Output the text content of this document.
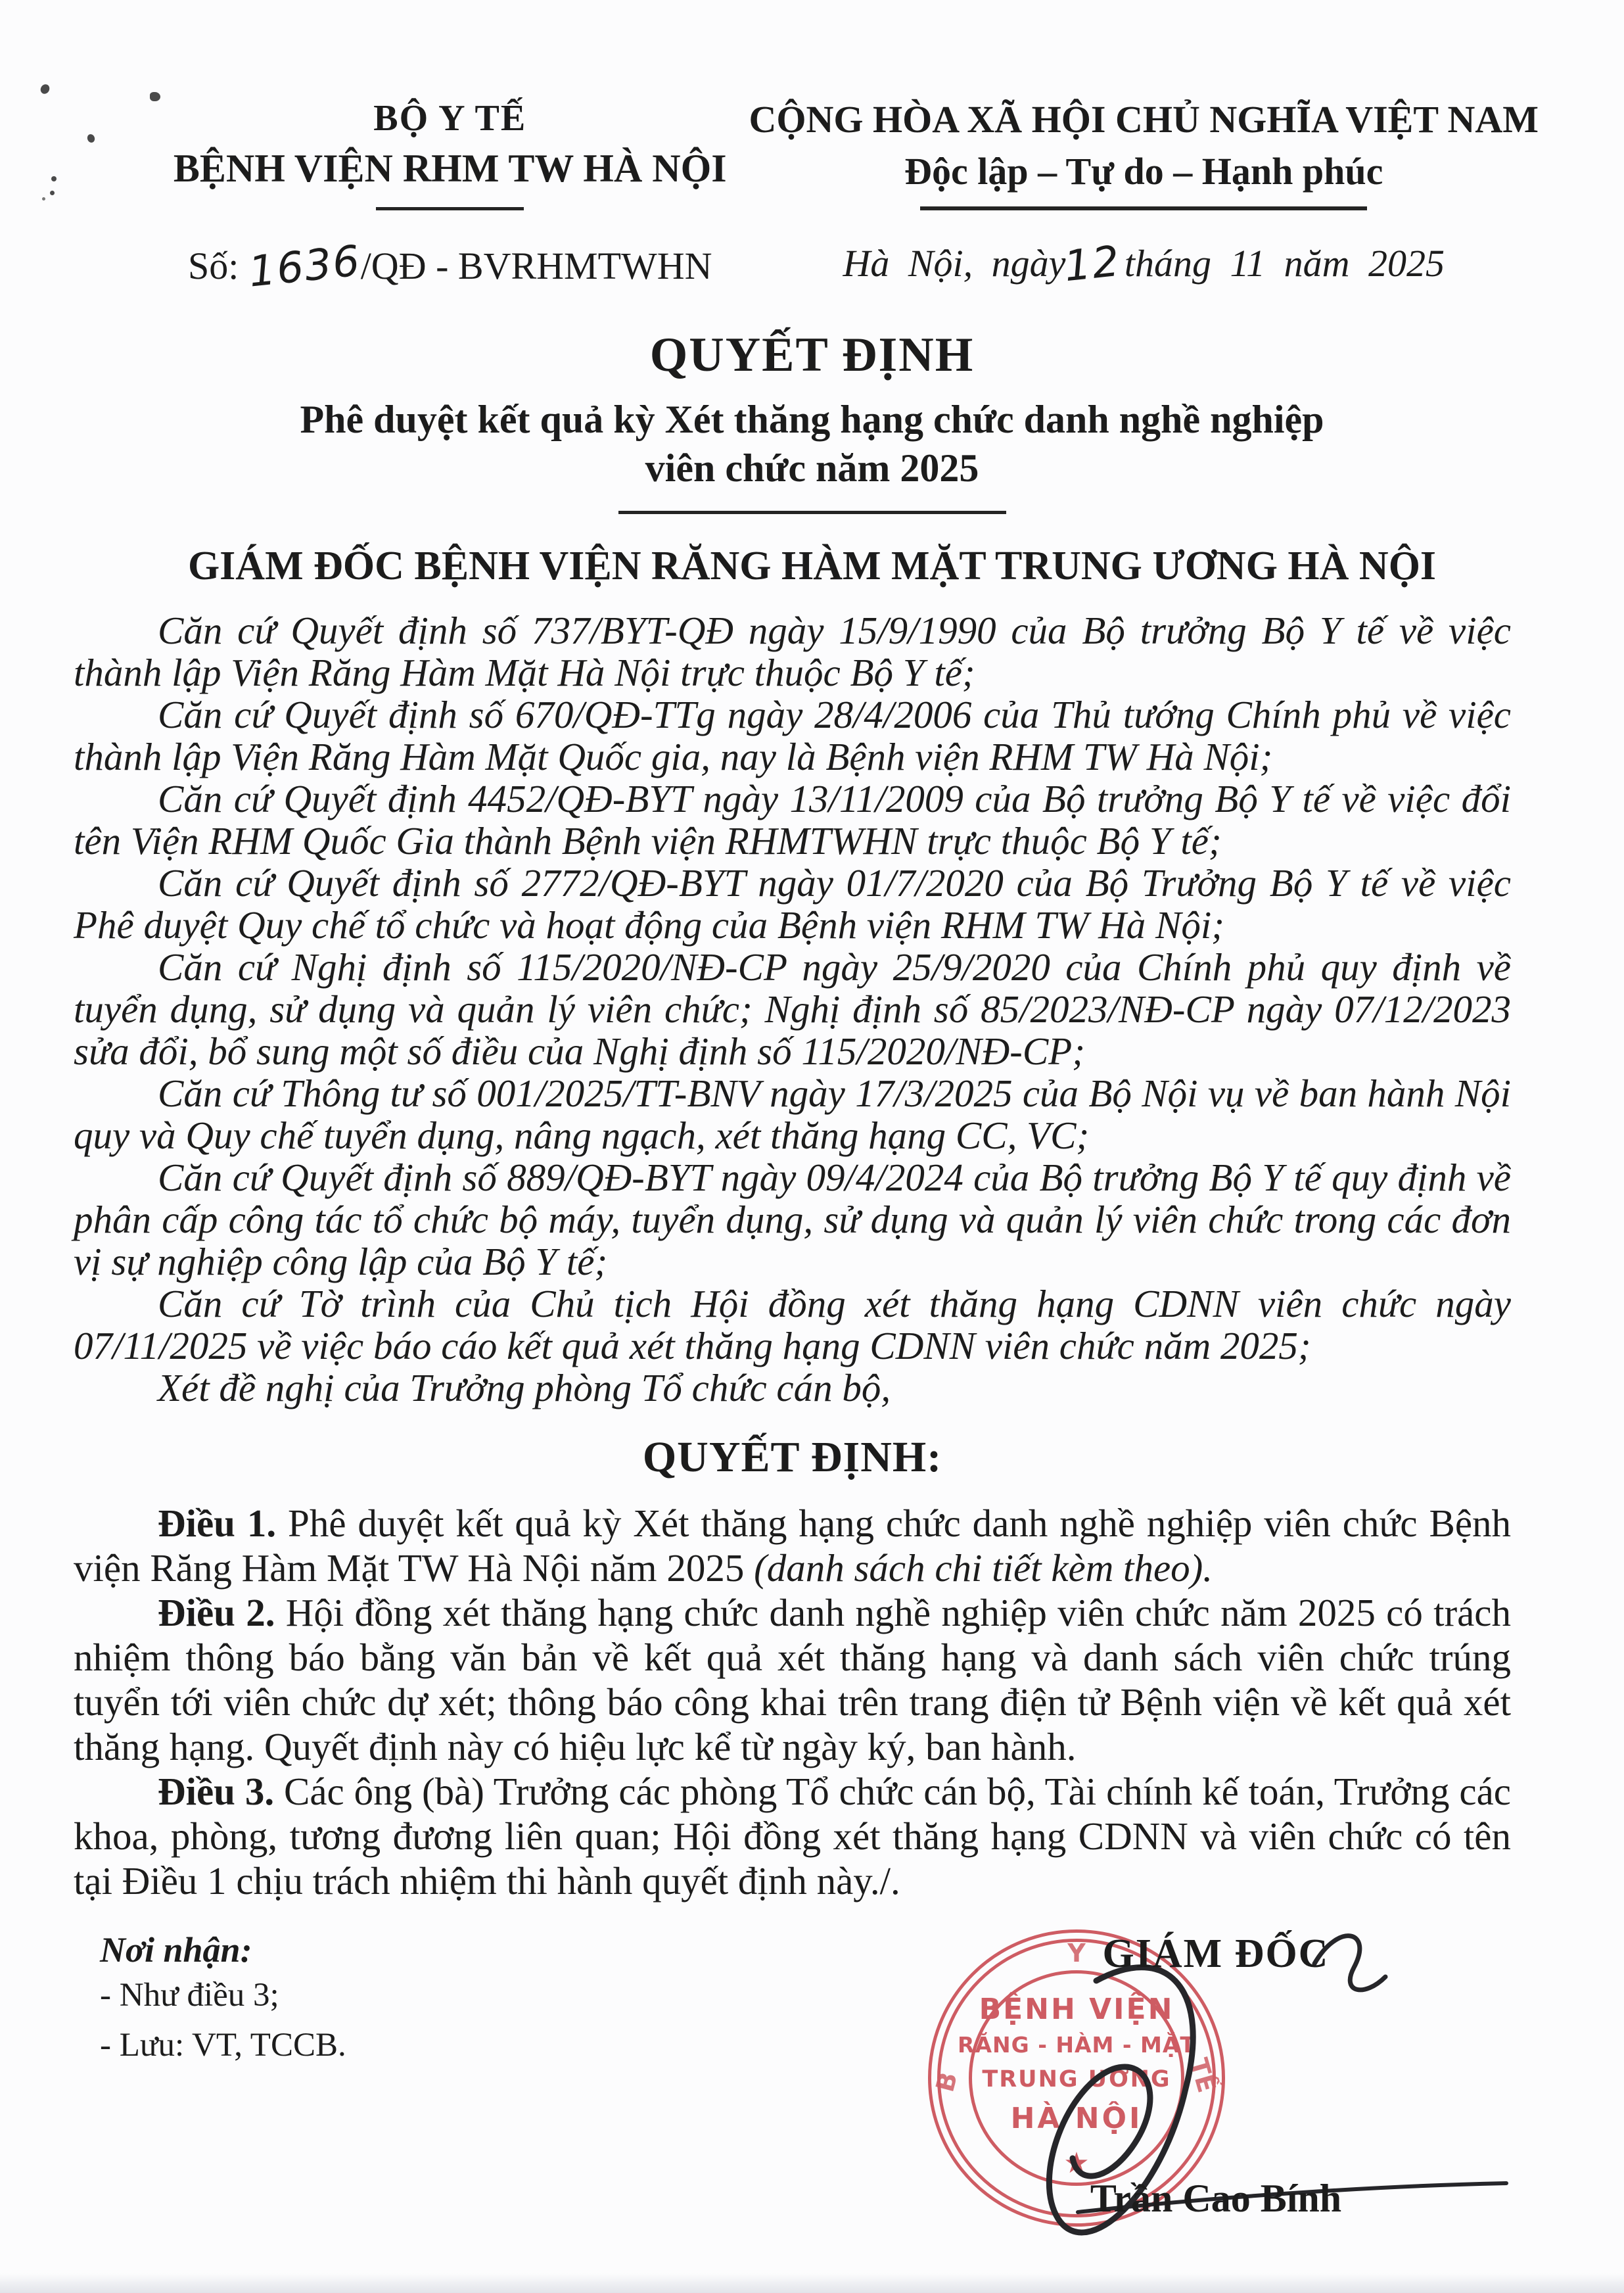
BỘ Y TẾ
BỆNH VIỆN RHM TW HÀ NỘI
Số: 1636/QĐ - BVRHMTWHN
CỘNG HÒA XÃ HỘI CHỦ NGHĨA VIỆT NAM
Độc lập – Tự do – Hạnh phúc
Hà Nội, ngày12tháng 11 năm 2025
QUYẾT ĐỊNH
Phê duyệt kết quả kỳ Xét thăng hạng chức danh nghề nghiệp
viên chức năm 2025
GIÁM ĐỐC BỆNH VIỆN RĂNG HÀM MẶT TRUNG ƯƠNG HÀ NỘI

Căn cứ Quyết định số 737/BYT-QĐ ngày 15/9/1990 của Bộ trưởng Bộ Y tế về việc thành lập Viện Răng Hàm Mặt Hà Nội trực thuộc Bộ Y tế;

Căn cứ Quyết định số 670/QĐ-TTg ngày 28/4/2006 của Thủ tướng Chính phủ về việc thành lập Viện Răng Hàm Mặt Quốc gia, nay là Bệnh viện RHM TW Hà Nội;

Căn cứ Quyết định 4452/QĐ-BYT ngày 13/11/2009 của Bộ trưởng Bộ Y tế về việc đổi tên Viện RHM Quốc Gia thành Bệnh viện RHMTWHN trực thuộc Bộ Y tế;

Căn cứ Quyết định số 2772/QĐ-BYT ngày 01/7/2020 của Bộ Trưởng Bộ Y tế về việc Phê duyệt Quy chế tổ chức và hoạt động của Bệnh viện RHM TW Hà Nội;

Căn cứ Nghị định số 115/2020/NĐ-CP ngày 25/9/2020 của Chính phủ quy định về tuyển dụng, sử dụng và quản lý viên chức; Nghị định số 85/2023/NĐ-CP ngày 07/12/2023 sửa đổi, bổ sung một số điều của Nghị định số 115/2020/NĐ-CP;

Căn cứ Thông tư số 001/2025/TT-BNV ngày 17/3/2025 của Bộ Nội vụ về ban hành Nội quy và Quy chế tuyển dụng, nâng ngạch, xét thăng hạng CC, VC;

Căn cứ Quyết định số 889/QĐ-BYT ngày 09/4/2024 của Bộ trưởng Bộ Y tế quy định về phân cấp công tác tổ chức bộ máy, tuyển dụng, sử dụng và quản lý viên chức trong các đơn vị sự nghiệp công lập của Bộ Y tế;

Căn cứ Tờ trình của Chủ tịch Hội đồng xét thăng hạng CDNN viên chức ngày 07/11/2025 về việc báo cáo kết quả xét thăng hạng CDNN viên chức năm 2025;

Xét đề nghị của Trưởng phòng Tổ chức cán bộ,

QUYẾT ĐỊNH:

Điều 1. Phê duyệt kết quả kỳ Xét thăng hạng chức danh nghề nghiệp viên chức Bệnh viện Răng Hàm Mặt TW Hà Nội năm 2025 (danh sách chi tiết kèm theo).

Điều 2. Hội đồng xét thăng hạng chức danh nghề nghiệp viên chức năm 2025 có trách nhiệm thông báo bằng văn bản về kết quả xét thăng hạng và danh sách viên chức trúng tuyển tới viên chức dự xét; thông báo công khai trên trang điện tử Bệnh viện về kết quả xét thăng hạng. Quyết định này có hiệu lực kể từ ngày ký, ban hành.

Điều 3. Các ông (bà) Trưởng các phòng Tổ chức cán bộ, Tài chính kế toán, Trưởng các khoa, phòng, tương đương liên quan; Hội đồng xét thăng hạng CDNN và viên chức có tên tại Điều 1 chịu trách nhiệm thi hành quyết định này./.

Nơi nhận:
- Như điều 3;
- Lưu: VT, TCCB.
Y
B	TẾ
BỆNH VIỆN
RĂNG - HÀM - MẶT
TRUNG ƯƠNG
HÀ NỘI
★
GIÁM ĐỐC
Trần Cao Bính
